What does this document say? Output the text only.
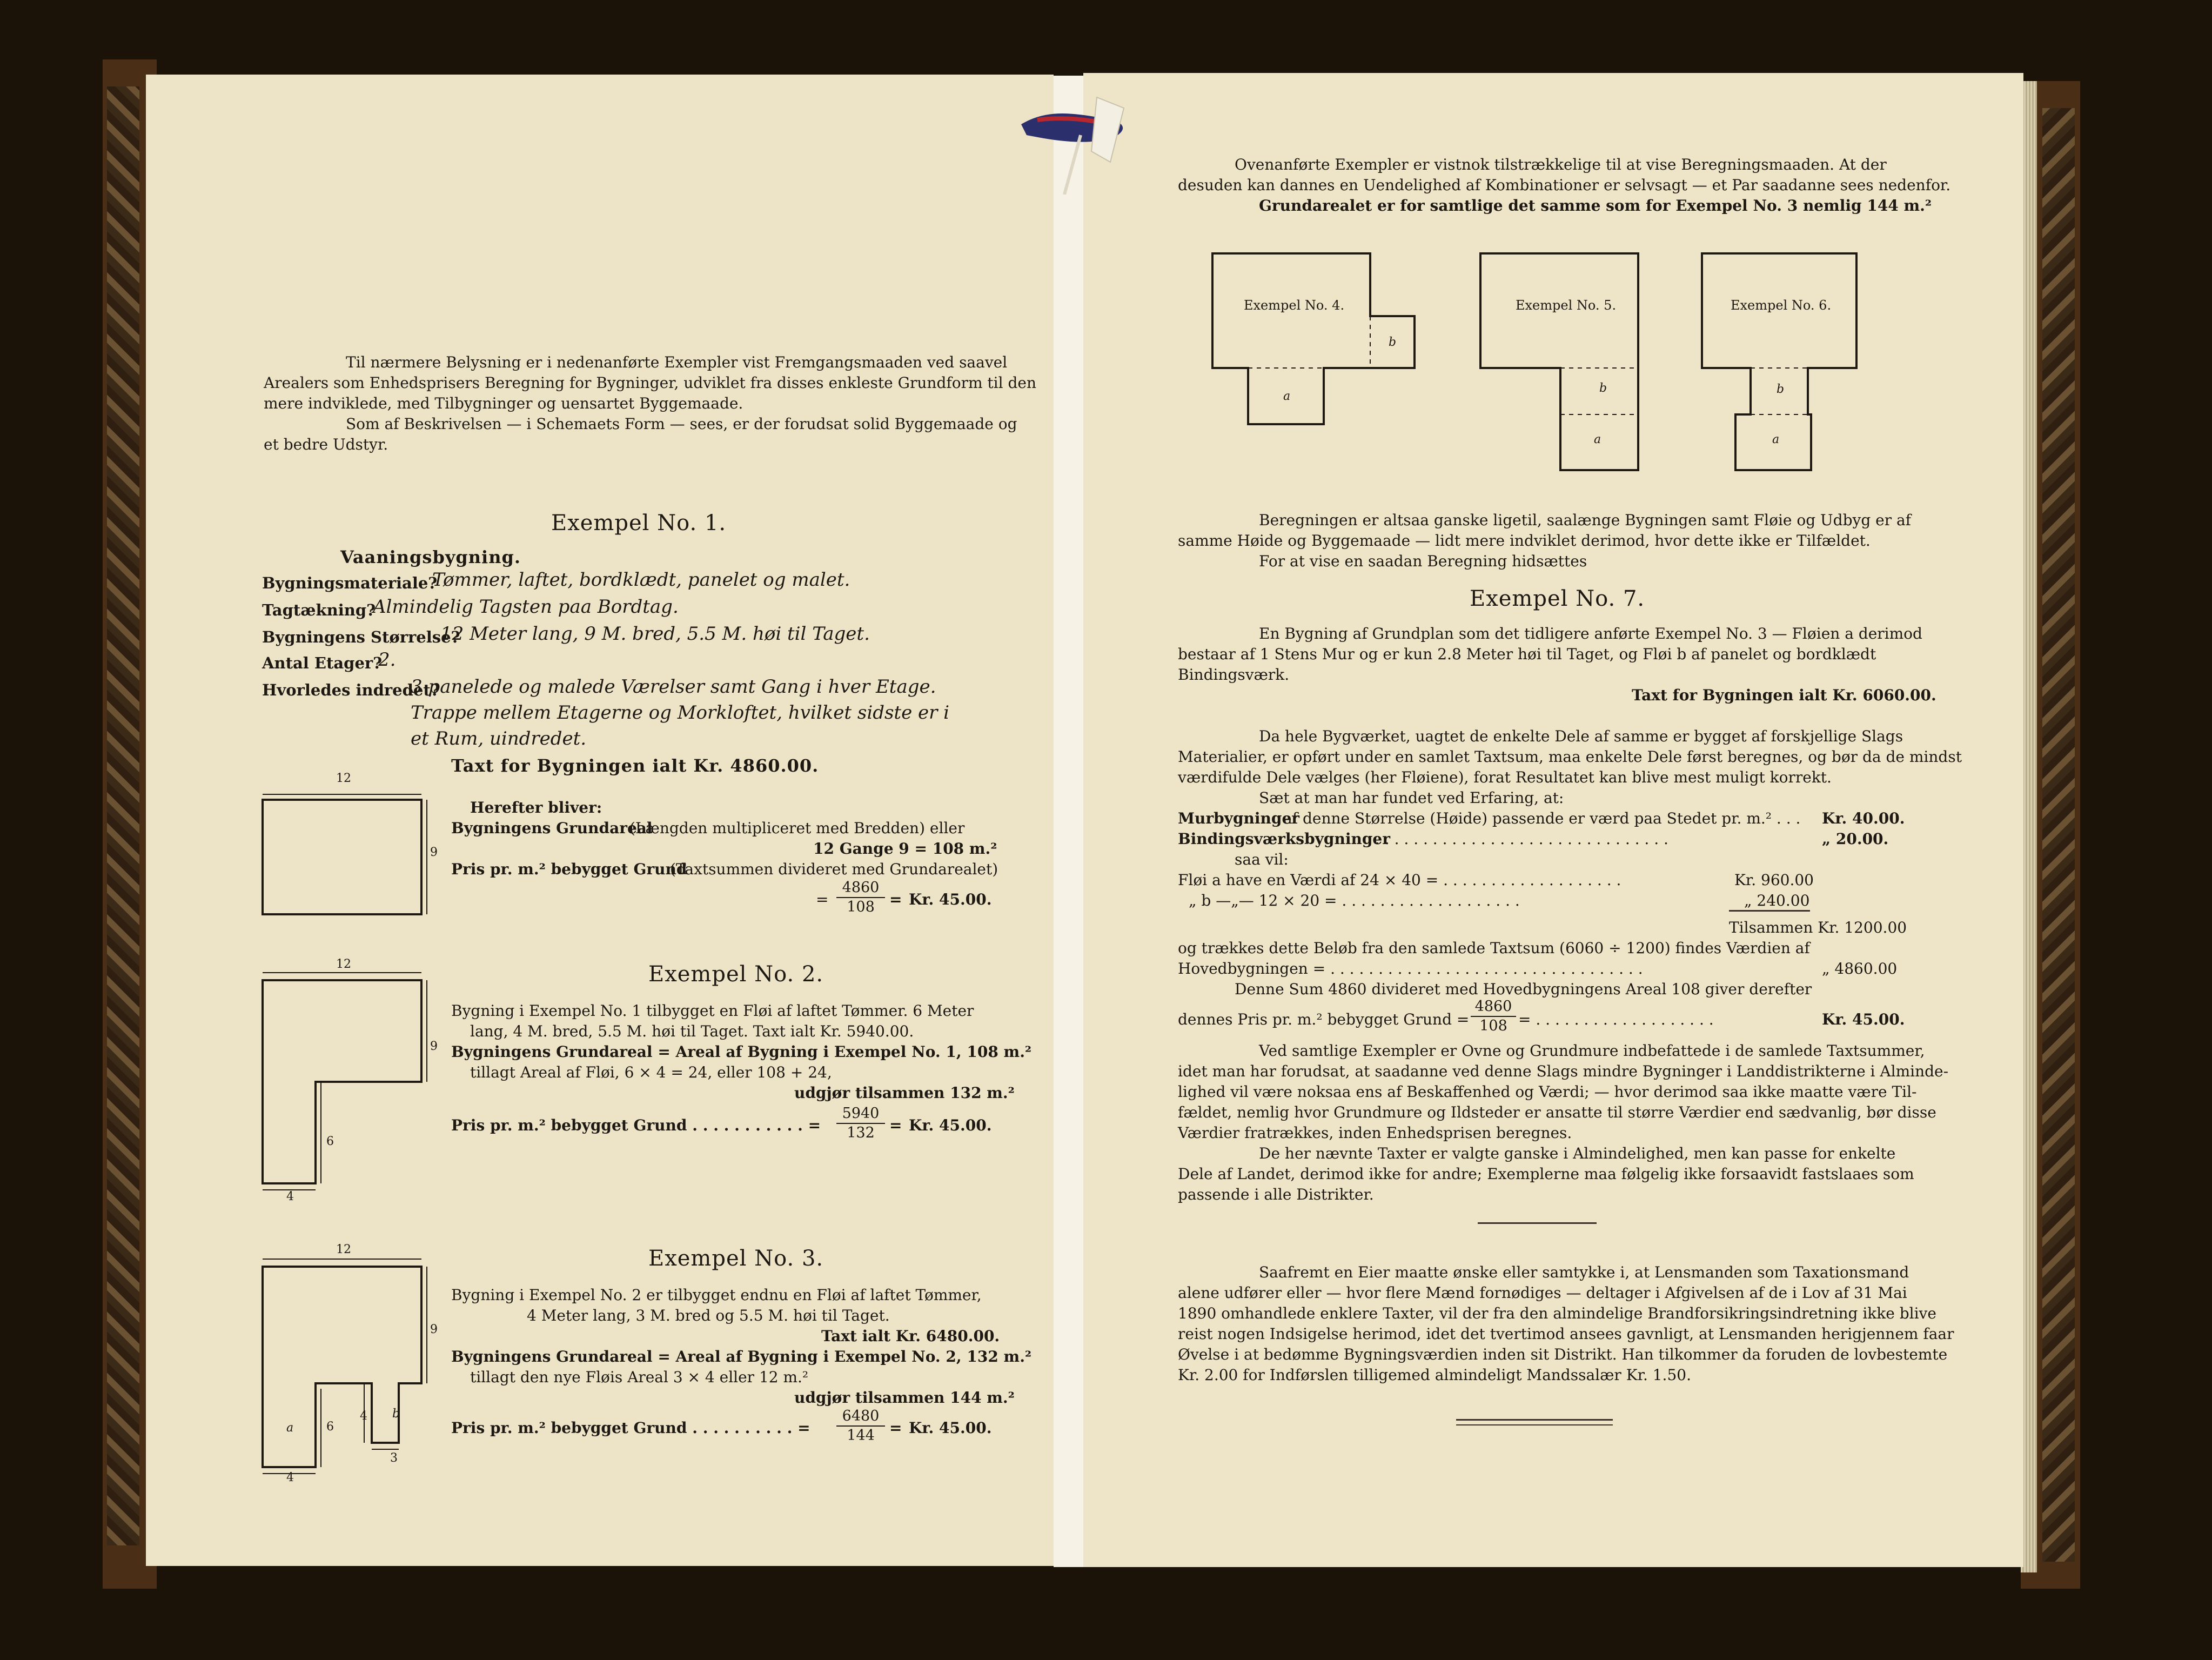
Til nærmere Belysning er i nedenanførte Exempler vist Fremgangsmaaden ved saavel
Arealers som Enhedsprisers Beregning for Bygninger, udviklet fra disses enkleste Grundform til den
mere indviklede, med Tilbygninger og uensartet Byggemaade.
Som af Beskrivelsen — i Schemaets Form — sees, er der forudsat solid Byggemaade og
et bedre Udstyr.
Exempel No. 1.
Vaaningsbygning.
Bygningsmateriale?
Tømmer, laftet, bordklædt, panelet og malet.
Tagtækning?
Almindelig Tagsten paa Bordtag.
Bygningens Størrelse?
12 Meter lang, 9 M. bred, 5.5 M. høi til Taget.
Antal Etager?
2.
Hvorledes indredet?
3 panelede og malede Værelser samt Gang i hver Etage.
Trappe mellem Etagerne og Morkloftet, hvilket sidste er i
et Rum, uindredet.
Taxt for Bygningen ialt Kr. 4860.00.
12
9
Herefter bliver:
Bygningens Grundareal
(Længden multipliceret med Bredden) eller
12 Gange 9 = 108 m.²
Pris pr. m.² bebygget Grund
(Taxtsummen divideret med Grundarealet)
= $\frac{4860}{108} = Kr$. 45.00.
Exempel No. 2.
Bygning i Exempel No. 1 tilbygget en Fløi af laftet Tømmer. 6 Meter
lang, 4 M. bred, 5.5 M. høi til Taget. Taxt ialt Kr. 5940.00.
Bygningens Grundareal = Areal af Bygning i Exempel No. 1, 108 m.²
tillagt Areal af Fløi, 6 × 4 = 24, eller 108 + 24,
udgjør tilsammen 132 m.²
Pris pr. m.² bebygget Grund . . . . . . . . . . . = $\frac{5940}{132} = Kr$. 45.00.
12
9
6
4
Exempel No. 3.
Bygning i Exempel No. 2 er tilbygget endnu en Fløi af laftet Tømmer,
4 Meter lang, 3 M. bred og 5.5 M. høi til Taget.
Taxt ialt Kr. 6480.00.
Bygningens Grundareal = Areal af Bygning i Exempel No. 2, 132 m.²
tillagt den nye Fløis Areal 3 × 4 eller 12 m.²
udgjør tilsammen 144 m.²
Pris pr. m.² bebygget Grund . . . . . . . . . . = $\frac{6480}{144} = Kr$. 45.00.
12
9
6
4
4
3
a
b
Ovenanførte Exempler er vistnok tilstrækkelige til at vise Beregningsmaaden. At der
desuden kan dannes en Uendelighed af Kombinationer er selvsagt — et Par saadanne sees nedenfor.
Grundarealet er for samtlige det samme som for Exempel No. 3 nemlig 144 m.²
Exempel No. 4.
b
a
Exempel No. 5.
b
a
Exempel No. 6.
b
a
Beregningen er altsaa ganske ligetil, saalænge Bygningen samt Fløie og Udbyg er af
samme Høide og Byggemaade — lidt mere indviklet derimod, hvor dette ikke er Tilfældet.
For at vise en saadan Beregning hidsættes
Exempel No. 7.
En Bygning af Grundplan som det tidligere anførte Exempel No. 3 — Fløien a derimod
bestaar af 1 Stens Mur og er kun 2.8 Meter høi til Taget, og Fløi b af panelet og bordklædt
Bindingsværk.
Taxt for Bygningen ialt Kr. 6060.00.
Da hele Bygværket, uagtet de enkelte Dele af samme er bygget af forskjellige Slags
Materialier, er opført under en samlet Taxtsum, maa enkelte Dele først beregnes, og bør da de mindst
værdifulde Dele vælges (her Fløiene), forat Resultatet kan blive mest muligt korrekt.
Sæt at man har fundet ved Erfaring, at:
Murbygninger
af denne Størrelse (Høide) passende er værd paa Stedet pr. m.² . . . Kr. 40.00.
Bindingsværksbygninger
. . . . . . . . . . . . . . . . . . . . . . . . . . . . . . .	„ 20.00.
saa vil:
Fløi a have en Værdi af 24 × 40 = . . . . . . . . . . . . . . . . . . .	Kr. 960.00
„ b —„— 12 × 20 = . . . . . . . . . . . . . . . . . . .	„ 240.00
Tilsammen Kr. 1200.00
og trækkes dette Beløb fra den samlede Taxtsum (6060 ÷ 1200) findes Værdien af
Hovedbygningen = . . . . . . . . . . . . . . . . . . . . . . . . . . . . . . . . .	„ 4860.00
Denne Sum 4860 divideret med Hovedbygningens Areal 108 giver derefter
dennes Pris pr. m.² bebygget Grund = $\frac{4860}{108}$ = . . . . . . . . . . . . . . . . . . .	Kr. 45.00.
Ved samtlige Exempler er Ovne og Grundmure indbefattede i de samlede Taxtsummer,
idet man har forudsat, at saadanne ved denne Slags mindre Bygninger i Landdistrikterne i Alminde-
lighed vil være noksaa ens af Beskaffenhed og Værdi; — hvor derimod saa ikke maatte være Til-
fældet, nemlig hvor Grundmure og Ildsteder er ansatte til større Værdier end sædvanlig, bør disse
Værdier fratrækkes, inden Enhedsprisen beregnes.
De her nævnte Taxter er valgte ganske i Almindelighed, men kan passe for enkelte
Dele af Landet, derimod ikke for andre; Exemplerne maa følgelig ikke forsaavidt fastslaaes som
passende i alle Distrikter.
Saafremt en Eier maatte ønske eller samtykke i, at Lensmanden som Taxationsmand
alene udfører eller — hvor flere Mænd fornødiges — deltager i Afgivelsen af de i Lov af 31 Mai
1890 omhandlede enklere Taxter, vil der fra den almindelige Brandforsikringsindretning ikke blive
reist nogen Indsigelse herimod, idet det tvertimod ansees gavnligt, at Lensmanden herigjennem faar
Øvelse i at bedømme Bygningsværdien inden sit Distrikt. Han tilkommer da foruden de lovbestemte
Kr. 2.00 for Indførslen tilligemed almindeligt Mandssalær Kr. 1.50.
